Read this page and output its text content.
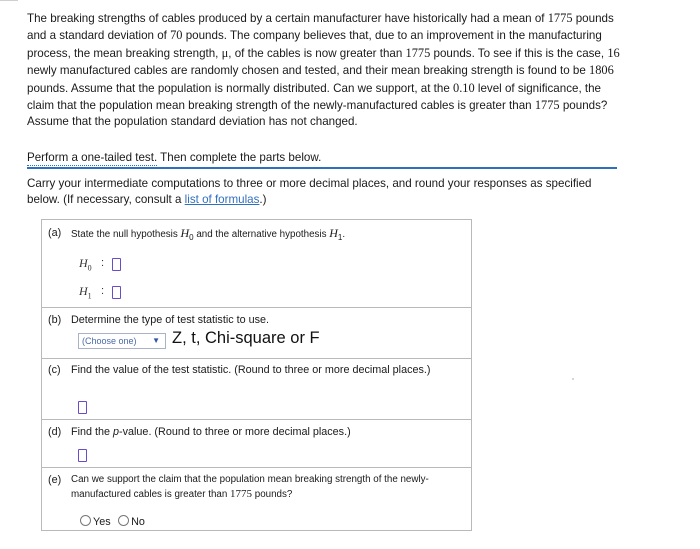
The breaking strengths of cables produced by a certain manufacturer have historically had a mean of 1775 pounds and a standard deviation of 70 pounds. The company believes that, due to an improvement in the manufacturing process, the mean breaking strength, μ, of the cables is now greater than 1775 pounds. To see if this is the case, 16 newly manufactured cables are randomly chosen and tested, and their mean breaking strength is found to be 1806 pounds. Assume that the population is normally distributed. Can we support, at the 0.10 level of significance, the claim that the population mean breaking strength of the newly-manufactured cables is greater than 1775 pounds? Assume that the population standard deviation has not changed.
Perform a one-tailed test. Then complete the parts below.
Carry your intermediate computations to three or more decimal places, and round your responses as specified below. (If necessary, consult a list of formulas.)
(a) State the null hypothesis $H_0$ and the alternative hypothesis $H_1$.
$H_0$ :
$H_1$ :
(b) Determine the type of test statistic to use.
(Choose one) ▼ Z, t, Chi-square or F
(c) Find the value of the test statistic. (Round to three or more decimal places.)
(d) Find the p-value. (Round to three or more decimal places.)
(e) Can we support the claim that the population mean breaking strength of the newly-manufactured cables is greater than 1775 pounds?
Yes No
